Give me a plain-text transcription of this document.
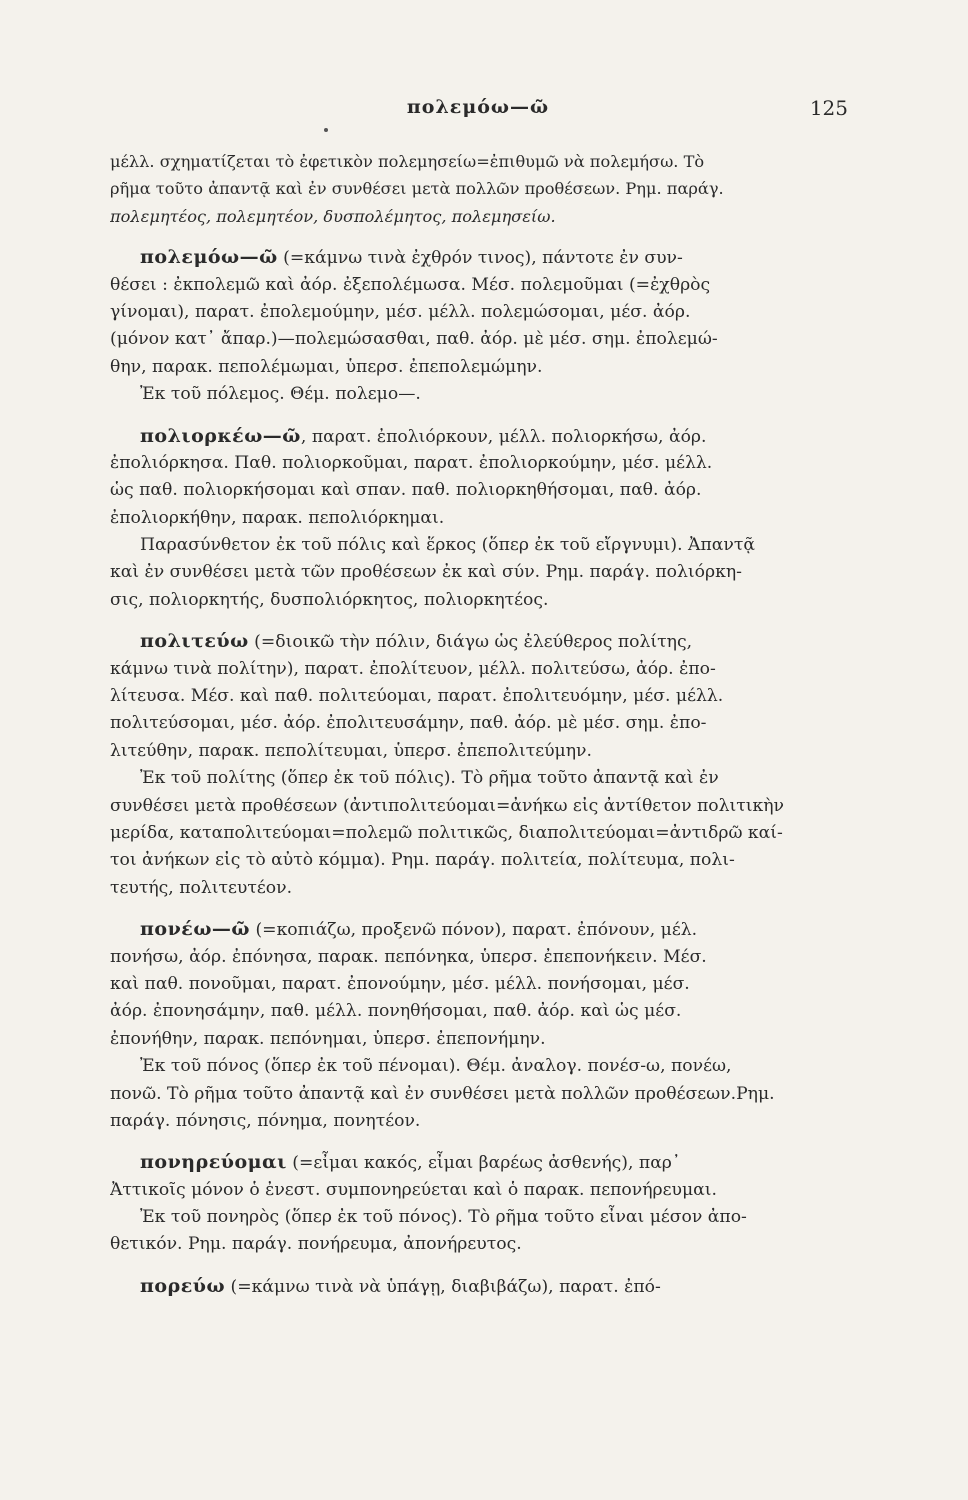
πολεμόω—ῶ	125
μέλλ. σχηματίζεται τὸ ἐφετικὸν πολεμησείω=ἐπιθυμῶ νὰ πολεμήσω. Τὸ
ρῆμα τοῦτο ἀπαντᾷ καὶ ἐν συνθέσει μετὰ πολλῶν προθέσεων. Ρημ. παράγ.
πολεμητέος, πολεμητέον, δυσπολέμητος, πολεμησείω.
πολεμόω—ῶ (=κάμνω τινὰ ἐχθρόν τινος), πάντοτε ἐν συν-
θέσει : ἐκπολεμῶ καὶ ἀόρ. ἐξεπολέμωσα. Μέσ. πολεμοῦμαι (=ἐχθρὸς
γίνομαι), παρατ. ἐπολεμούμην, μέσ. μέλλ. πολεμώσομαι, μέσ. ἀόρ.
(μόνον κατ᾽ ἄπαρ.)—πολεμώσασθαι, παθ. ἀόρ. μὲ μέσ. σημ. ἐπολεμώ-
θην, παρακ. πεπολέμωμαι, ὑπερσ. ἐπεπολεμώμην.
Ἐκ τοῦ πόλεμος. Θέμ. πολεμο—.
πολιορκέω—ῶ, παρατ. ἐπολιόρκουν, μέλλ. πολιορκήσω, ἀόρ.
ἐπολιόρκησα. Παθ. πολιορκοῦμαι, παρατ. ἐπολιορκούμην, μέσ. μέλλ.
ὡς παθ. πολιορκήσομαι καὶ σπαν. παθ. πολιορκηθήσομαι, παθ. ἀόρ.
ἐπολιορκήθην, παρακ. πεπολιόρκημαι.
Παρασύνθετον ἐκ τοῦ πόλις καὶ ἕρκος (ὅπερ ἐκ τοῦ εἴργνυμι). Ἀπαντᾷ
καὶ ἐν συνθέσει μετὰ τῶν προθέσεων ἐκ καὶ σύν. Ρημ. παράγ. πολιόρκη-
σις, πολιορκητής, δυσπολιόρκητος, πολιορκητέος.
πολιτεύω (=διοικῶ τὴν πόλιν, διάγω ὡς ἐλεύθερος πολίτης,
κάμνω τινὰ πολίτην), παρατ. ἐπολίτευον, μέλλ. πολιτεύσω, ἀόρ. ἐπο-
λίτευσα. Μέσ. καὶ παθ. πολιτεύομαι, παρατ. ἐπολιτευόμην, μέσ. μέλλ.
πολιτεύσομαι, μέσ. ἀόρ. ἐπολιτευσάμην, παθ. ἀόρ. μὲ μέσ. σημ. ἐπο-
λιτεύθην, παρακ. πεπολίτευμαι, ὑπερσ. ἐπεπολιτεύμην.
Ἐκ τοῦ πολίτης (ὅπερ ἐκ τοῦ πόλις). Τὸ ρῆμα τοῦτο ἀπαντᾷ καὶ ἐν
συνθέσει μετὰ προθέσεων (ἀντιπολιτεύομαι=ἀνήκω εἰς ἀντίθετον πολιτικὴν
μερίδα, καταπολιτεύομαι=πολεμῶ πολιτικῶς, διαπολιτεύομαι=ἀντιδρῶ καί-
τοι ἀνήκων εἰς τὸ αὐτὸ κόμμα). Ρημ. παράγ. πολιτεία, πολίτευμα, πολι-
τευτής, πολιτευτέον.
πονέω—ῶ (=κοπιάζω, προξενῶ πόνον), παρατ. ἐπόνουν, μέλ.
πονήσω, ἀόρ. ἐπόνησα, παρακ. πεπόνηκα, ὑπερσ. ἐπεπονήκειν. Μέσ.
καὶ παθ. πονοῦμαι, παρατ. ἐπονούμην, μέσ. μέλλ. πονήσομαι, μέσ.
ἀόρ. ἐπονησάμην, παθ. μέλλ. πονηθήσομαι, παθ. ἀόρ. καὶ ὡς μέσ.
ἐπονήθην, παρακ. πεπόνημαι, ὑπερσ. ἐπεπονήμην.
Ἐκ τοῦ πόνος (ὅπερ ἐκ τοῦ πένομαι). Θέμ. ἀναλογ. πονέσ-ω, πονέω,
πονῶ. Τὸ ρῆμα τοῦτο ἀπαντᾷ καὶ ἐν συνθέσει μετὰ πολλῶν προθέσεων.Ρημ.
παράγ. πόνησις, πόνημα, πονητέον.
πονηρεύομαι (=εἶμαι κακός, εἶμαι βαρέως ἀσθενής), παρ᾽
Ἀττικοῖς μόνον ὁ ἐνεστ. συμπονηρεύεται καὶ ὁ παρακ. πεπονήρευμαι.
Ἐκ τοῦ πονηρὸς (ὅπερ ἐκ τοῦ πόνος). Τὸ ρῆμα τοῦτο εἶναι μέσον ἀπο-
θετικόν. Ρημ. παράγ. πονήρευμα, ἀπονήρευτος.
πορεύω (=κάμνω τινὰ νὰ ὑπάγῃ, διαβιβάζω), παρατ. ἐπό-
